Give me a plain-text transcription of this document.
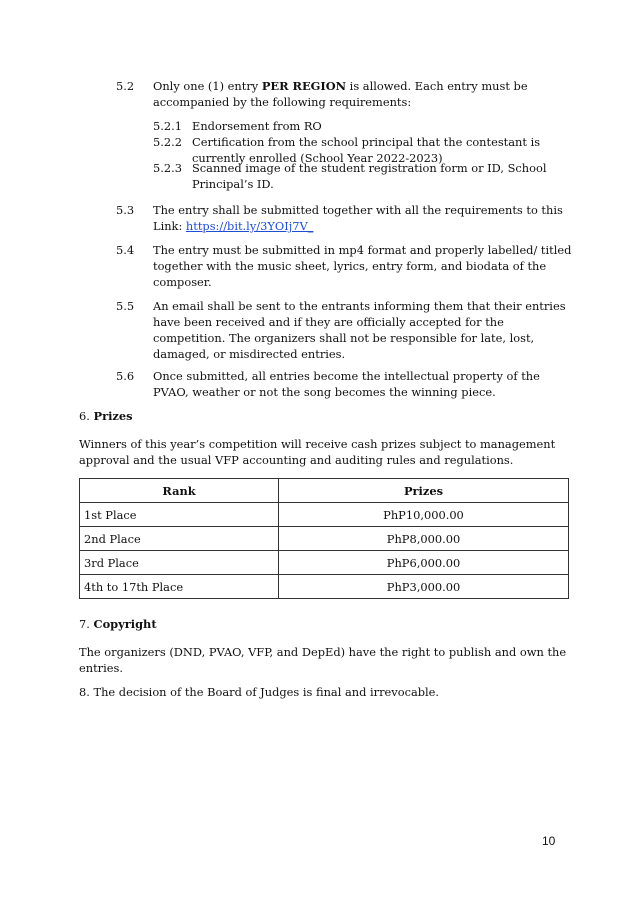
5.2 Only one (1) entry PER REGION is allowed. Each entry must be accompanied by the following requirements:
5.2.1 Endorsement from RO
5.2.2 Certification from the school principal that the contestant is currently enrolled (School Year 2022-2023)
5.2.3 Scanned image of the student registration form or ID, School Principal’s ID.
5.3 The entry shall be submitted together with all the requirements to this Link: https://bit.ly/3YOIj7V_
5.4 The entry must be submitted in mp4 format and properly labelled/ titled together with the music sheet, lyrics, entry form, and biodata of the composer.
5.5 An email shall be sent to the entrants informing them that their entries have been received and if they are officially accepted for the competition. The organizers shall not be responsible for late, lost, damaged, or misdirected entries.
5.6 Once submitted, all entries become the intellectual property of the PVAO, weather or not the song becomes the winning piece.
6. Prizes
Winners of this year’s competition will receive cash prizes subject to management approval and the usual VFP accounting and auditing rules and regulations.
Rank	Prizes
1st Place	PhP10,000.00
2nd Place	PhP8,000.00
3rd Place	PhP6,000.00
4th to 17th Place	PhP3,000.00
7. Copyright
The organizers (DND, PVAO, VFP, and DepEd) have the right to publish and own the entries.
8. The decision of the Board of Judges is final and irrevocable.
10
